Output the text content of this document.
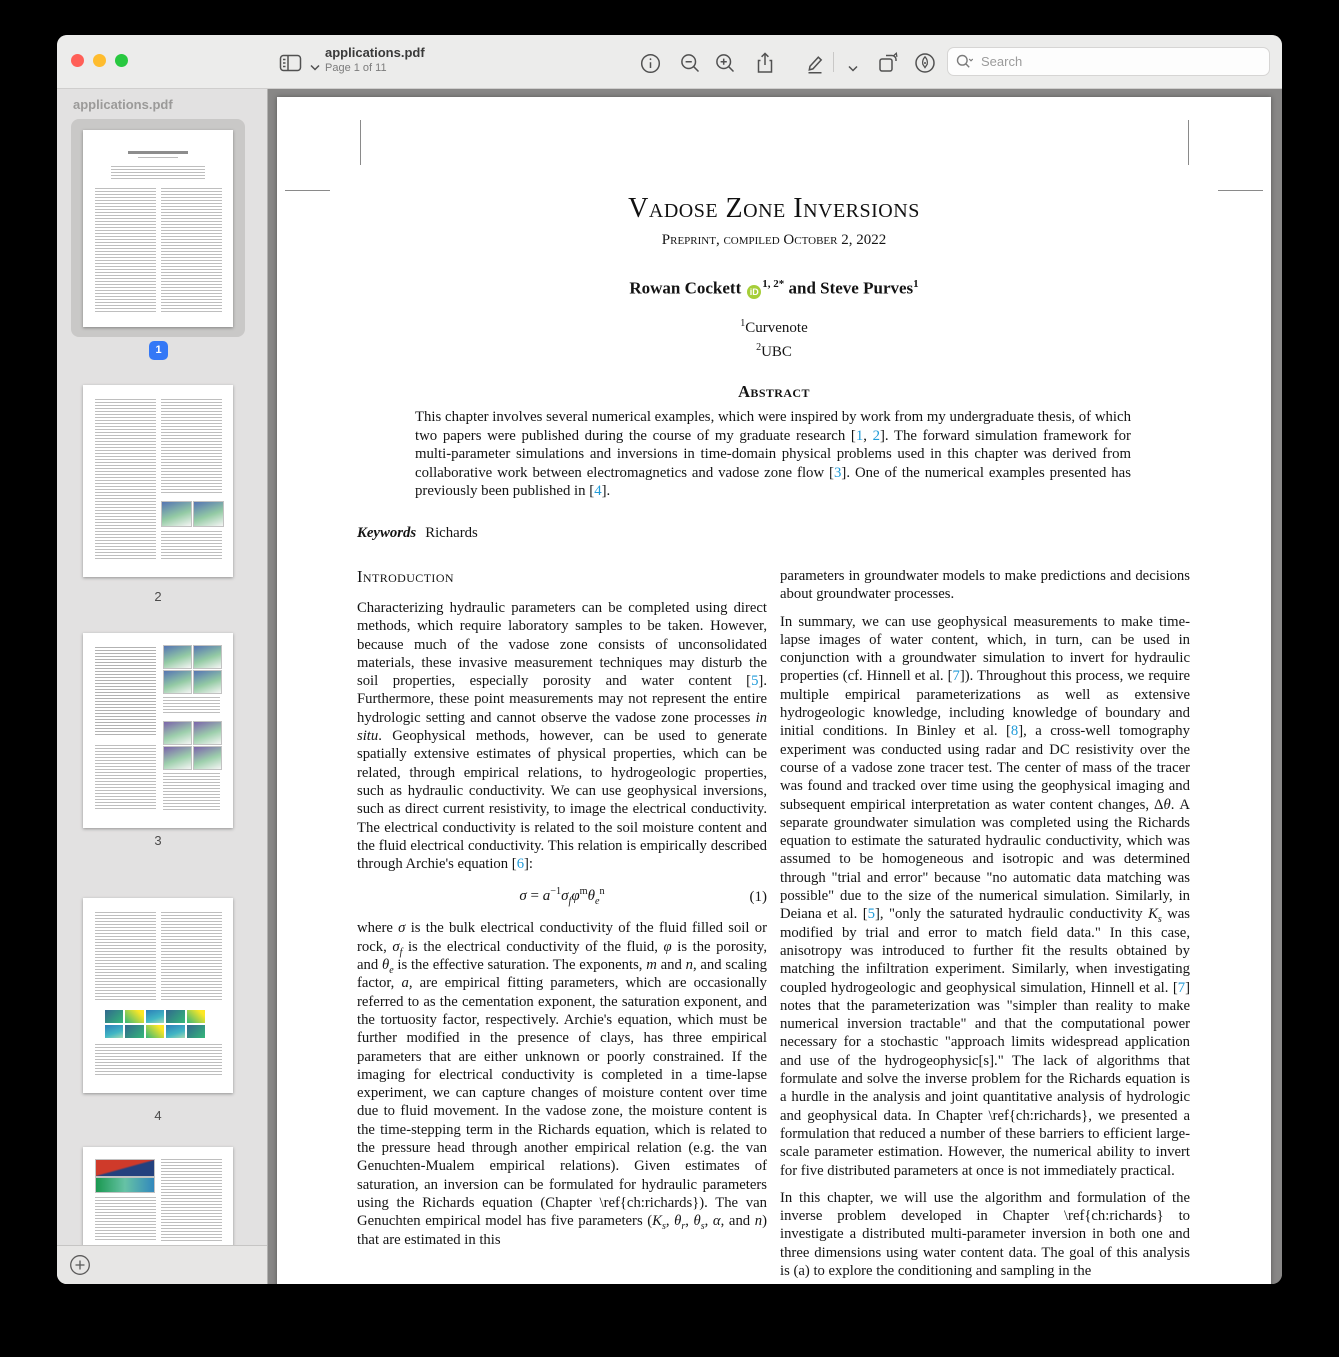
applications.pdf
Page 1 of 11
Search
applications.pdf
1
2
3
4
Vadose Zone Inversions
Preprint, compiled October 2, 2022
Rowan Cockett $iD^{1, 2*}$ and Steve Purves$^1$
$^1$Curvenote
$^2$UBC
Abstract
This chapter involves several numerical examples, which were inspired by work from my undergraduate thesis, of which two papers were published during the course of my graduate research [1, 2]. The forward simulation framework for multi-parameter simulations and inversions in time-domain physical problems used in this chapter was derived from collaborative work between electromagnetics and vadose zone flow [3]. One of the numerical examples presented has previously been published in [4].
Keywords Richards
Introduction

Characterizing hydraulic parameters can be completed using direct methods, which require laboratory samples to be taken. However, because much of the vadose zone consists of unconsolidated materials, these invasive measurement techniques may disturb the soil properties, especially porosity and water content [5]. Furthermore, these point measurements may not represent the entire hydrologic setting and cannot observe the vadose zone processes in situ. Geophysical methods, however, can be used to generate spatially extensive estimates of physical properties, which can be related, through empirical relations, to hydrogeologic properties, such as hydraulic conductivity. We can use geophysical inversions, such as direct current resistivity, to image the electrical conductivity. The electrical conductivity is related to the soil moisture content and the fluid electrical conductivity. This relation is empirically described through Archie's equation [6]:

$\sigma = a^{-1}\sigma_f\varphi^m\theta_e^n$	(1)

where σ is the bulk electrical conductivity of the fluid filled soil or rock, $\sigma_f$ is the electrical conductivity of the fluid, φ is the porosity, and $\theta_e$ is the effective saturation. The exponents, m and n, and scaling factor, a, are empirical fitting parameters, which are occasionally referred to as the cementation exponent, the saturation exponent, and the tortuosity factor, respectively. Archie's equation, which must be further modified in the presence of clays, has three empirical parameters that are either unknown or poorly constrained. If the imaging for electrical conductivity is completed in a time-lapse experiment, we can capture changes of moisture content over time due to fluid movement. In the vadose zone, the moisture content is the time-stepping term in the Richards equation, which is related to the pressure head through another empirical relation (e.g. the van Genuchten-Mualem empirical relations). Given estimates of saturation, an inversion can be formulated for hydraulic parameters using the Richards equation (Chapter \ref{ch:richards}). The van Genuchten empirical model has five parameters ($K_s$, $\theta_r$, $\theta_s$, α, and n) that are estimated in this

parameters in groundwater models to make predictions and decisions about groundwater processes.

In summary, we can use geophysical measurements to make time-lapse images of water content, which, in turn, can be used in conjunction with a groundwater simulation to invert for hydraulic properties (cf. Hinnell et al. [7]). Throughout this process, we require multiple empirical parameterizations as well as extensive hydrogeologic knowledge, including knowledge of boundary and initial conditions. In Binley et al. [8], a cross-well tomography experiment was conducted using radar and DC resistivity over the course of a vadose zone tracer test. The center of mass of the tracer was found and tracked over time using the geophysical imaging and subsequent empirical interpretation as water content changes, Δθ. A separate groundwater simulation was completed using the Richards equation to estimate the saturated hydraulic conductivity, which was assumed to be homogeneous and isotropic and was determined through "trial and error" because "no automatic data matching was possible" due to the size of the numerical simulation. Similarly, in Deiana et al. [5], "only the saturated hydraulic conductivity $K_s$ was modified by trial and error to match field data." In this case, anisotropy was introduced to further fit the results obtained by matching the infiltration experiment. Similarly, when investigating coupled hydrogeologic and geophysical simulation, Hinnell et al. [7] notes that the parameterization was "simpler than reality to make numerical inversion tractable" and that the computational power necessary for a stochastic "approach limits widespread application and use of the hydrogeophysic[s]." The lack of algorithms that formulate and solve the inverse problem for the Richards equation is a hurdle in the analysis and joint quantitative analysis of hydrologic and geophysical data. In Chapter \ref{ch:richards}, we presented a formulation that reduced a number of these barriers to efficient large-scale parameter estimation. However, the numerical ability to invert for five distributed parameters at once is not immediately practical.

In this chapter, we will use the algorithm and formulation of the inverse problem developed in Chapter \ref{ch:richards} to investigate a distributed multi-parameter inversion in both one and three dimensions using water content data. The goal of this analysis is (a) to explore the conditioning and sampling in the
